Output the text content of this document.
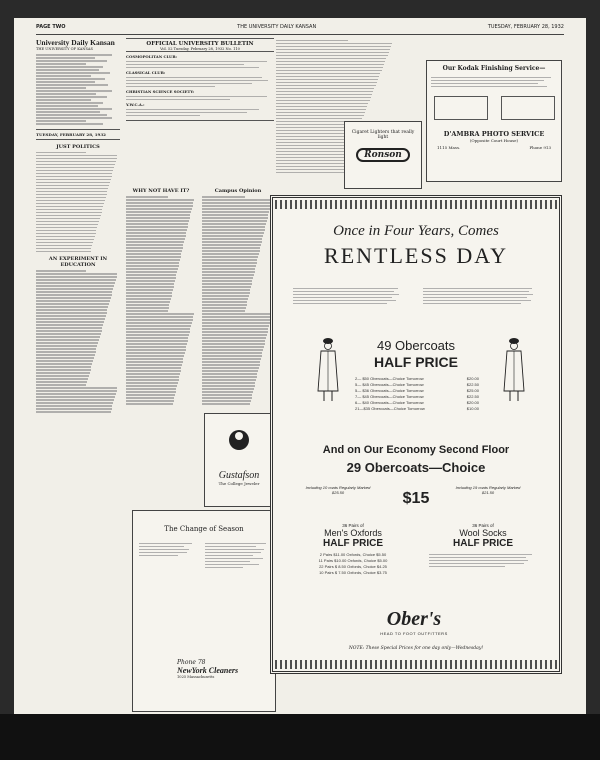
PAGE TWO	THE UNIVERSITY DAILY KANSAN	TUESDAY, FEBRUARY 28, 1932
University Daily Kansan
THE UNIVERSITY OF KANSAS
TUESDAY, FEBRUARY 28, 1932
JUST POLITICS
AN EXPERIMENT IN EDUCATION
OFFICIAL UNIVERSITY BULLETIN
Vol. 52 Tuesday, February 28, 1932 No. 110
COSMOPOLITAN CLUB:
CLASSICAL CLUB:
CHRISTIAN SCIENCE SOCIETY:
Y.W.C.A.:
WHY NOT HAVE IT?	Campus Opinion
Gustafson
The College Jeweler
The Change of Season
Phone 78
NewYork Cleaners
1025 Massachusetts
Cigaret Lighters that really light
Ronson
Our Kodak Finishing Service—
D'AMBRA PHOTO SERVICE
(Opposite Court House)
1115 Mass.	Phone 913
Once in Four Years, Comes
RENTLESS DAY
49 Obercoats
HALF PRICE
2— $50 Obercoats—Choice Tomorrow	$20.00
5— $45 Obercoats—Choice Tomorrow	$22.50
5— $36 Obercoats—Choice Tomorrow	$25.00
7— $45 Obercoats—Choice Tomorrow	$22.50
6— $40 Obercoats—Choice Tomorrow	$20.00
21—$35 Obercoats—Choice Tomorrow	$10.00
And on Our Economy Second Floor
29 Obercoats—Choice
Including 10 coats Regularly Marked $25.50	$15
Including 19 coats Regularly Marked $21.50
36 Pairs of
Men's Oxfords
HALF PRICE
2 Pairs $11.00 Oxfords, Choice $5.50
11 Pairs $10.00 Oxfords, Choice $5.00
22 Pairs $ 8.50 Oxfords, Choice $4.25
10 Pairs $ 7.50 Oxfords, Choice $3.75
36 Pairs of
Wool Socks
HALF PRICE
Ober's
HEAD TO FOOT OUTFITTERS
NOTE: These Special Prices for one day only—Wednesday!
